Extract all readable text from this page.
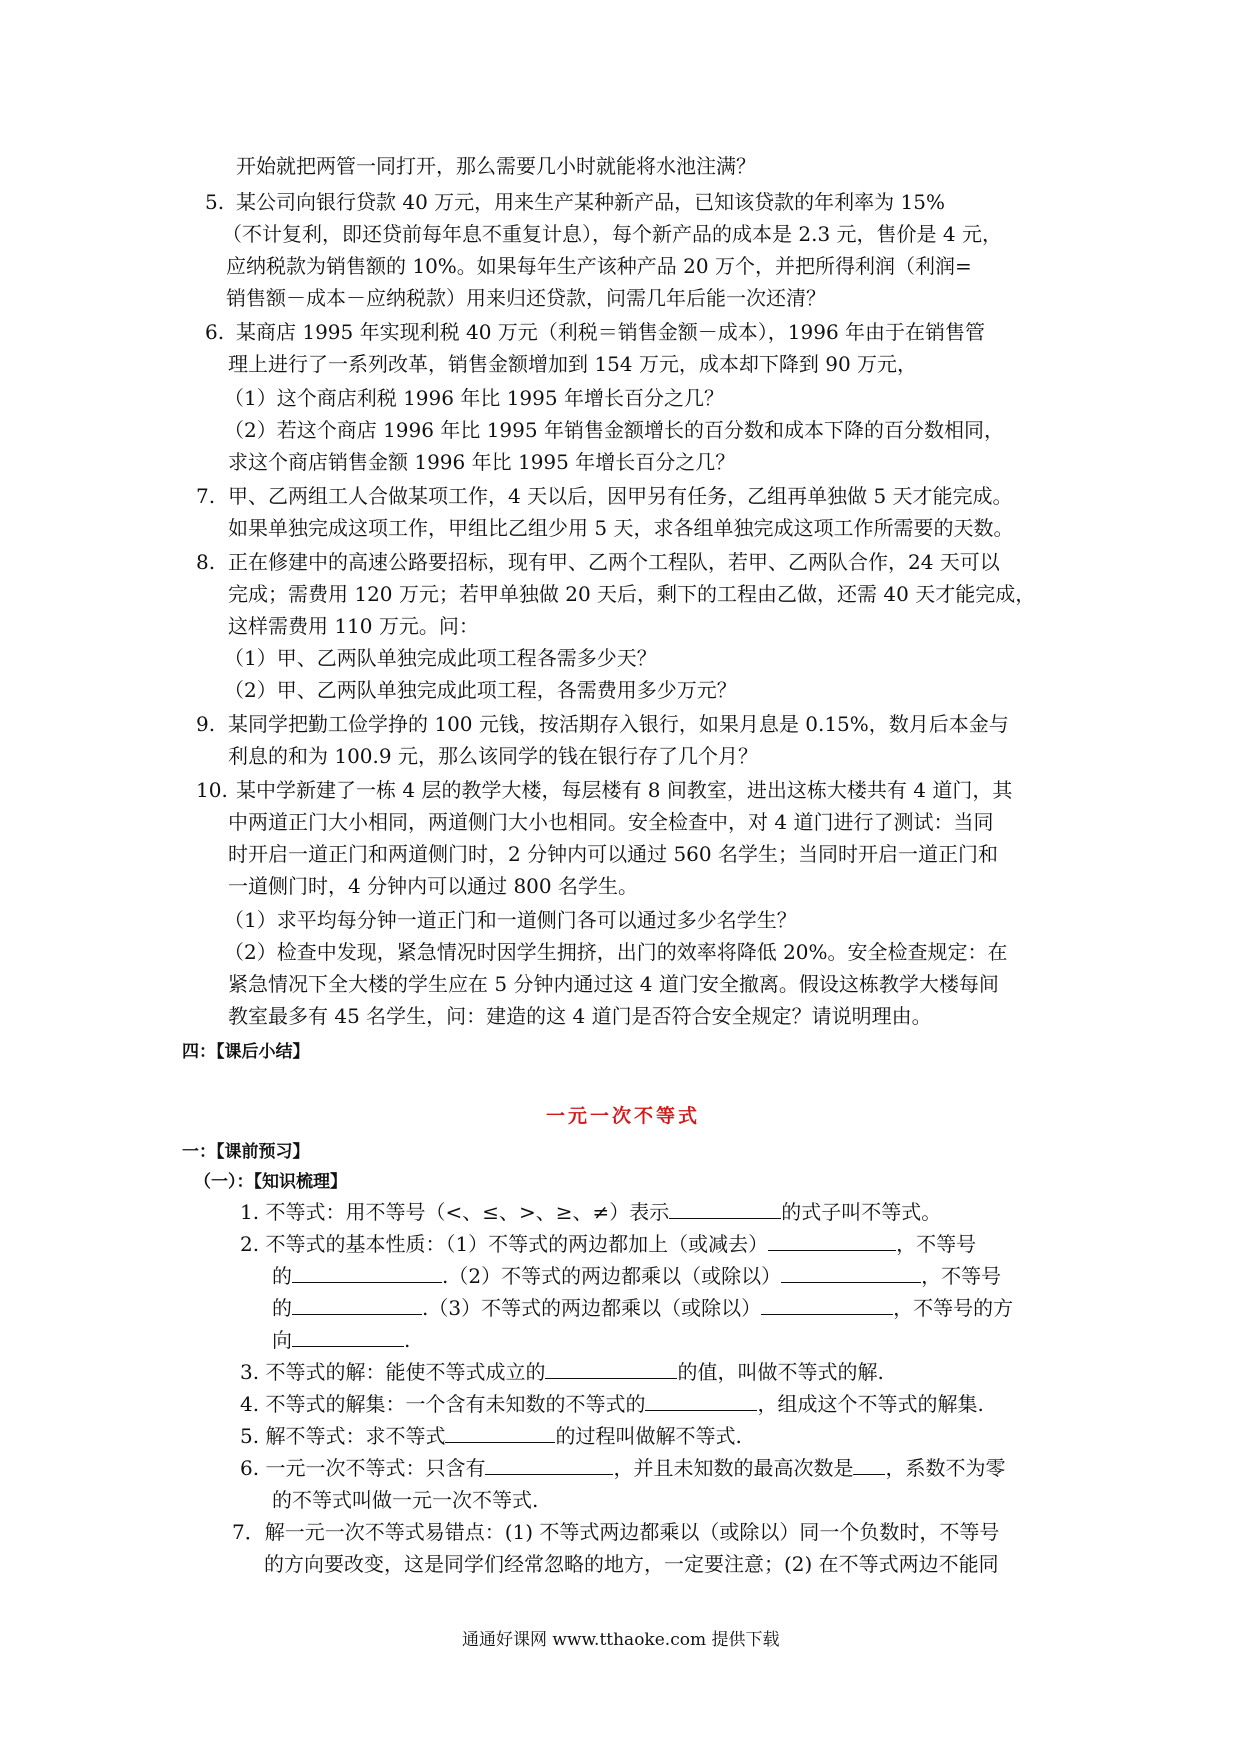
开始就把两管一同打开，那么需要几小时就能将水池注满？
5. 某公司向银行贷款 40 万元，用来生产某种新产品，已知该贷款的年利率为 15%
（不计复利，即还贷前每年息不重复计息），每个新产品的成本是 2.3 元，售价是 4 元，
应纳税款为销售额的 10%。如果每年生产该种产品 20 万个，并把所得利润（利润=
销售额－成本－应纳税款）用来归还贷款，问需几年后能一次还清？
6. 某商店 1995 年实现利税 40 万元（利税＝销售金额－成本），1996 年由于在销售管
理上进行了一系列改革，销售金额增加到 154 万元，成本却下降到 90 万元，
（1）这个商店利税 1996 年比 1995 年增长百分之几？
（2）若这个商店 1996 年比 1995 年销售金额增长的百分数和成本下降的百分数相同，
求这个商店销售金额 1996 年比 1995 年增长百分之几？
7. 甲、乙两组工人合做某项工作，4 天以后，因甲另有任务，乙组再单独做 5 天才能完成。
如果单独完成这项工作，甲组比乙组少用 5 天，求各组单独完成这项工作所需要的天数。
8. 正在修建中的高速公路要招标，现有甲、乙两个工程队，若甲、乙两队合作，24 天可以
完成；需费用 120 万元；若甲单独做 20 天后，剩下的工程由乙做，还需 40 天才能完成，
这样需费用 110 万元。问：
（1）甲、乙两队单独完成此项工程各需多少天？
（2）甲、乙两队单独完成此项工程，各需费用多少万元？
9. 某同学把勤工俭学挣的 100 元钱，按活期存入银行，如果月息是 0.15%，数月后本金与
利息的和为 100.9 元，那么该同学的钱在银行存了几个月？
10. 某中学新建了一栋 4 层的教学大楼，每层楼有 8 间教室，进出这栋大楼共有 4 道门，其
中两道正门大小相同，两道侧门大小也相同。安全检查中，对 4 道门进行了测试：当同
时开启一道正门和两道侧门时，2 分钟内可以通过 560 名学生；当同时开启一道正门和
一道侧门时，4 分钟内可以通过 800 名学生。
（1）求平均每分钟一道正门和一道侧门各可以通过多少名学生？
（2）检查中发现，紧急情况时因学生拥挤，出门的效率将降低 20%。安全检查规定：在
紧急情况下全大楼的学生应在 5 分钟内通过这 4 道门安全撤离。假设这栋教学大楼每间
教室最多有 45 名学生，问：建造的这 4 道门是否符合安全规定？请说明理由。
四：【课后小结】
一元一次不等式
一：【课前预习】
（一）：【知识梳理】
1. 不等式：用不等号（<、≤、>、≥、≠）表示	的式子叫不等式。
2. 不等式的基本性质：（1）不等式的两边都加上（或减去）	，不等号
的	.（2）不等式的两边都乘以（或除以）	，不等号
的	.（3）不等式的两边都乘以（或除以）	，不等号的方
向	.
3. 不等式的解：能使不等式成立的	的值，叫做不等式的解.
4. 不等式的解集：一个含有未知数的不等式的	，组成这个不等式的解集.
5. 解不等式：求不等式	的过程叫做解不等式.
6. 一元一次不等式：只含有	，并且未知数的最高次数是 ，系数不为零
的不等式叫做一元一次不等式.
7．解一元一次不等式易错点：(1) 不等式两边都乘以（或除以）同一个负数时，不等号
的方向要改变，这是同学们经常忽略的地方，一定要注意；(2) 在不等式两边不能同
通通好课网 www.tthaoke.com 提供下载
